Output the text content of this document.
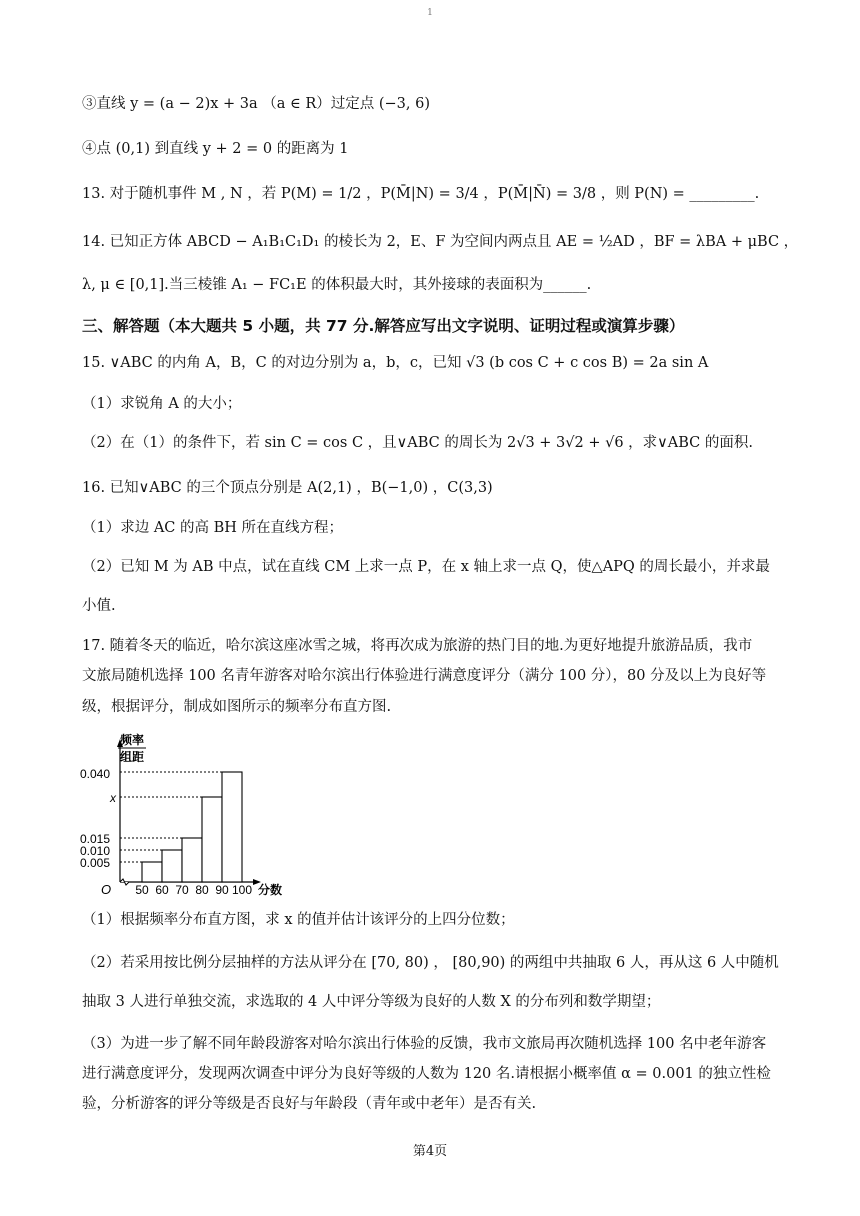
1
③直线 y = (a − 2)x + 3a （a ∈ R）过定点 (−3, 6)
④点 (0,1) 到直线 y + 2 = 0 的距离为 1
13. 对于随机事件 M , N ，若 P(M) = 1/2 ，P(M̄|N) = 3/4 ，P(M̄|N̄) = 3/8 ，则 P(N) = _________.
14. 已知正方体 ABCD − A₁B₁C₁D₁ 的棱长为 2，E、F 为空间内两点且 AE = ½AD ，BF = λBA + μBC ，
λ, μ ∈ [0,1].当三棱锥 A₁ − FC₁E 的体积最大时，其外接球的表面积为______.
三、解答题（本大题共 5 小题，共 77 分.解答应写出文字说明、证明过程或演算步骤）
15. ∨ABC 的内角 A，B，C 的对边分别为 a，b，c，已知 √3 (b cos C + c cos B) = 2a sin A
（1）求锐角 A 的大小；
（2）在（1）的条件下，若 sin C = cos C ，且∨ABC 的周长为 2√3 + 3√2 + √6 ，求∨ABC 的面积.
16. 已知∨ABC 的三个顶点分别是 A(2,1) ，B(−1,0) ，C(3,3)
（1）求边 AC 的高 BH 所在直线方程；
（2）已知 M 为 AB 中点，试在直线 CM 上求一点 P，在 x 轴上求一点 Q，使△APQ 的周长最小，并求最
小值.
17. 随着冬天的临近，哈尔滨这座冰雪之城，将再次成为旅游的热门目的地.为更好地提升旅游品质，我市
文旅局随机选择 100 名青年游客对哈尔滨出行体验进行满意度评分（满分 100 分），80 分及以上为良好等
级，根据评分，制成如图所示的频率分布直方图.
频率
组距
0.040
x
0.015
0.010
0.005
O 50 60 70 80 90 100 分数
（1）根据频率分布直方图，求 x 的值并估计该评分的上四分位数；
（2）若采用按比例分层抽样的方法从评分在 [70, 80) ， [80,90) 的两组中共抽取 6 人，再从这 6 人中随机
抽取 3 人进行单独交流，求选取的 4 人中评分等级为良好的人数 X 的分布列和数学期望；
（3）为进一步了解不同年龄段游客对哈尔滨出行体验的反馈，我市文旅局再次随机选择 100 名中老年游客
进行满意度评分，发现两次调查中评分为良好等级的人数为 120 名.请根据小概率值 α = 0.001 的独立性检
验，分析游客的评分等级是否良好与年龄段（青年或中老年）是否有关.
第4页
